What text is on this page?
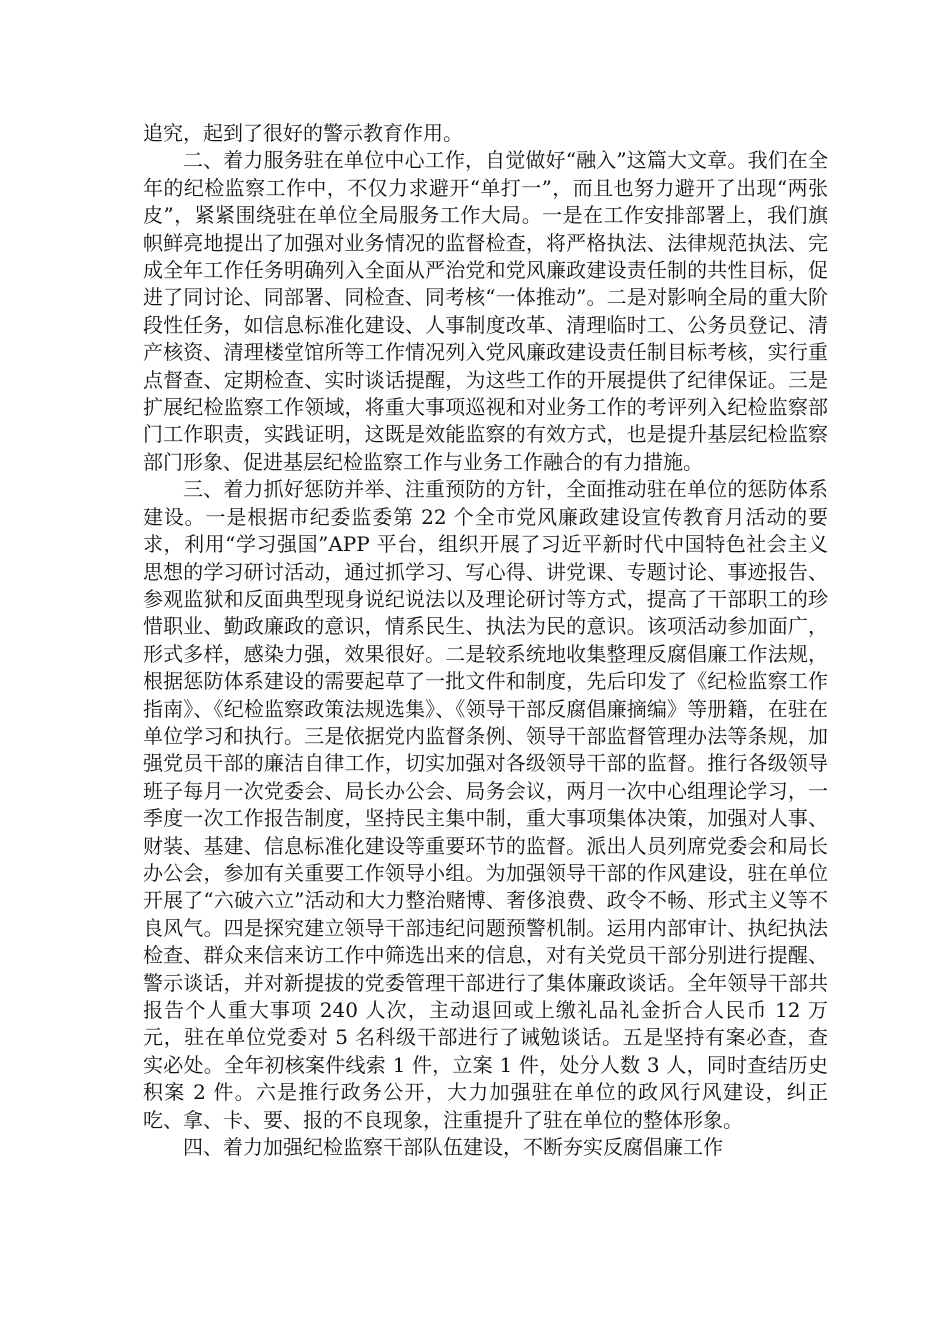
追究，起到了很好的警示教育作用。

二、着力服务驻在单位中心工作，自觉做好“融入”这篇大文章。我们在全年的纪检监察工作中，不仅力求避开“单打一”，而且也努力避开了出现“两张皮”，紧紧围绕驻在单位全局服务工作大局。一是在工作安排部署上，我们旗帜鲜亮地提出了加强对业务情况的监督检查，将严格执法、法律规范执法、完成全年工作任务明确列入全面从严治党和党风廉政建设责任制的共性目标，促进了同讨论、同部署、同检查、同考核“一体推动”。二是对影响全局的重大阶段性任务，如信息标准化建设、人事制度改革、清理临时工、公务员登记、清产核资、清理楼堂馆所等工作情况列入党风廉政建设责任制目标考核，实行重点督查、定期检查、实时谈话提醒，为这些工作的开展提供了纪律保证。三是扩展纪检监察工作领域，将重大事项巡视和对业务工作的考评列入纪检监察部门工作职责，实践证明，这既是效能监察的有效方式，也是提升基层纪检监察部门形象、促进基层纪检监察工作与业务工作融合的有力措施。

三、着力抓好惩防并举、注重预防的方针，全面推动驻在单位的惩防体系建设。一是根据市纪委监委第 22 个全市党风廉政建设宣传教育月活动的要求，利用“学习强国”APP 平台，组织开展了习近平新时代中国特色社会主义思想的学习研讨活动，通过抓学习、写心得、讲党课、专题讨论、事迹报告、参观监狱和反面典型现身说纪说法以及理论研讨等方式，提高了干部职工的珍惜职业、勤政廉政的意识，情系民生、执法为民的意识。该项活动参加面广，形式多样，感染力强，效果很好。二是较系统地收集整理反腐倡廉工作法规，根据惩防体系建设的需要起草了一批文件和制度，先后印发了《纪检监察工作指南》、《纪检监察政策法规选集》、《领导干部反腐倡廉摘编》等册籍，在驻在单位学习和执行。三是依据党内监督条例、领导干部监督管理办法等条规，加强党员干部的廉洁自律工作，切实加强对各级领导干部的监督。推行各级领导班子每月一次党委会、局长办公会、局务会议，两月一次中心组理论学习，一季度一次工作报告制度，坚持民主集中制，重大事项集体决策，加强对人事、财装、基建、信息标准化建设等重要环节的监督。派出人员列席党委会和局长办公会，参加有关重要工作领导小组。为加强领导干部的作风建设，驻在单位开展了“六破六立”活动和大力整治赌博、奢侈浪费、政令不畅、形式主义等不良风气。四是探究建立领导干部违纪问题预警机制。运用内部审计、执纪执法检查、群众来信来访工作中筛选出来的信息，对有关党员干部分别进行提醒、警示谈话，并对新提拔的党委管理干部进行了集体廉政谈话。全年领导干部共报告个人重大事项 240 人次，主动退回或上缴礼品礼金折合人民币 12 万元，驻在单位党委对 5 名科级干部进行了诫勉谈话。五是坚持有案必查，查实必处。全年初核案件线索 1 件，立案 1 件，处分人数 3 人，同时查结历史积案 2 件。六是推行政务公开，大力加强驻在单位的政风行风建设，纠正吃、拿、卡、要、报的不良现象，注重提升了驻在单位的整体形象。

四、着力加强纪检监察干部队伍建设，不断夯实反腐倡廉工作
